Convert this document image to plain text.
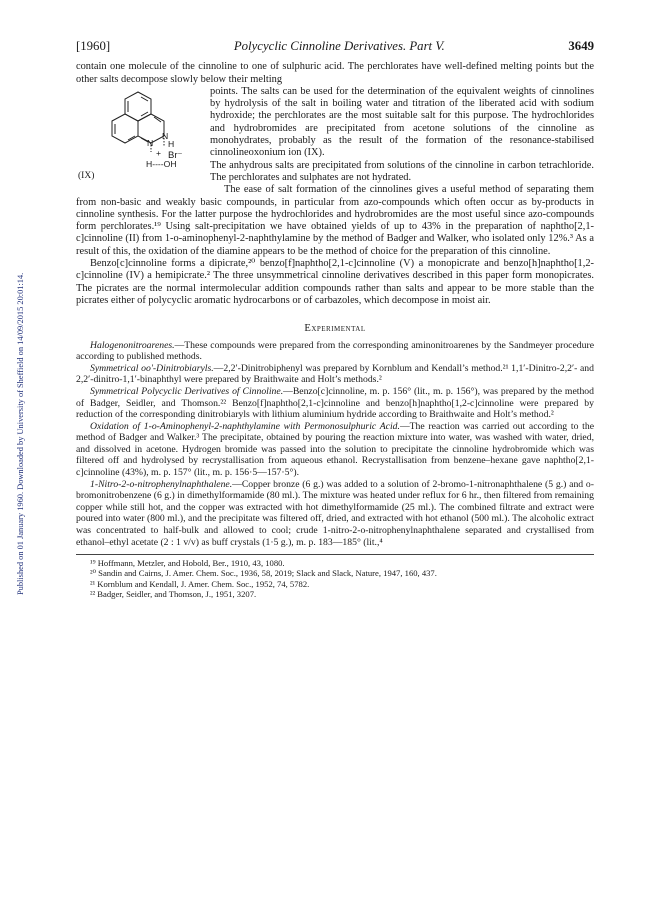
Published on 01 January 1960. Downloaded by University of Sheffield on 14/09/2015 20:01:14.
[1960]	Polycyclic Cinnoline Derivatives. Part V.	3649

contain one molecule of the cinnoline to one of sulphuric acid. The perchlorates have well-defined melting points but the other salts decompose slowly below their melting

N
N
H
+
H‑‑‑‑OH
Br⁻
(IX)

points. The salts can be used for the determination of the equivalent weights of cinnolines by hydrolysis of the salt in boiling water and titration of the liberated acid with sodium hydroxide; the perchlorates are the most suitable salt for this purpose. The hydrochlorides and hydrobromides are precipitated from acetone solutions of the cinnoline as monohydrates, probably as the result of the formation of the resonance-stabilised cinnolineoxonium ion (IX).

The anhydrous salts are precipitated from solutions of the cinnoline in carbon tetrachloride. The perchlorates and sulphates are not hydrated.

The ease of salt formation of the cinnolines gives a useful method of separating them from non-basic and weakly basic compounds, in particular from azo-compounds which often occur as by-products in cinnoline synthesis. For the latter purpose the hydrochlorides and hydrobromides are the most useful since azo-compounds form perchlorates.¹⁹ Using salt-precipitation we have obtained yields of up to 43% in the preparation of naphtho[2,1-c]cinnoline (II) from 1-o-aminophenyl-2-naphthylamine by the method of Badger and Walker, who isolated only 12%.³ As a result of this, the oxidation of the diamine appears to be the method of choice for the preparation of this cinnoline.

Benzo[c]cinnoline forms a dipicrate,²⁰ benzo[f]naphtho[2,1-c]cinnoline (V) a monopicrate and benzo[h]naphtho[1,2-c]cinnoline (IV) a hemipicrate.² The three unsymmetrical cinnoline derivatives described in this paper form monopicrates. The picrates are the normal intermolecular addition compounds rather than salts and appear to be more stable than the picrates either of polycyclic aromatic hydrocarbons or of carbazoles, which decompose in moist air.

Experimental

Halogenonitroarenes.—These compounds were prepared from the corresponding aminonitroarenes by the Sandmeyer procedure according to published methods.

Symmetrical oo′-Dinitrobiaryls.—2,2′-Dinitrobiphenyl was prepared by Kornblum and Kendall’s method.²¹ 1,1′-Dinitro-2,2′- and 2,2′-dinitro-1,1′-binaphthyl were prepared by Braithwaite and Holt’s methods.²

Symmetrical Polycyclic Derivatives of Cinnoline.—Benzo[c]cinnoline, m. p. 156° (lit., m. p. 156°), was prepared by the method of Badger, Seidler, and Thomson.²² Benzo[f]naphtho[2,1-c]cinnoline and benzo[h]naphtho[1,2-c]cinnoline were prepared by reduction of the corresponding dinitrobiaryls with lithium aluminium hydride according to Braithwaite and Holt’s method.²

Oxidation of 1-o-Aminophenyl-2-naphthylamine with Permonosulphuric Acid.—The reaction was carried out according to the method of Badger and Walker.³ The precipitate, obtained by pouring the reaction mixture into water, was washed with water, dried, and dissolved in acetone. Hydrogen bromide was passed into the solution to precipitate the cinnoline hydrobromide which was filtered off and hydrolysed by recrystallisation from aqueous ethanol. Recrystallisation from benzene–hexane gave naphtho[2,1-c]cinnoline (43%), m. p. 157° (lit., m. p. 156·5—157·5°).

1-Nitro-2-o-nitrophenylnaphthalene.—Copper bronze (6 g.) was added to a solution of 2-bromo-1-nitronaphthalene (5 g.) and o-bromonitrobenzene (6 g.) in dimethylformamide (80 ml.). The mixture was heated under reflux for 6 hr., then filtered from remaining copper while still hot, and the copper was extracted with hot dimethylformamide (25 ml.). The combined filtrate and extract were poured into water (800 ml.), and the precipitate was filtered off, dried, and extracted with hot ethanol (500 ml.). The alcoholic extract was concentrated to half-bulk and allowed to cool; crude 1-nitro-2-o-nitrophenylnaphthalene separated and crystallised from ethanol–ethyl acetate (2 : 1 v/v) as buff crystals (1·5 g.), m. p. 183—185° (lit.,⁴

¹⁹ Hoffmann, Metzler, and Hobold, Ber., 1910, 43, 1080.
²⁰ Sandin and Cairns, J. Amer. Chem. Soc., 1936, 58, 2019; Slack and Slack, Nature, 1947, 160, 437.
²¹ Kornblum and Kendall, J. Amer. Chem. Soc., 1952, 74, 5782.
²² Badger, Seidler, and Thomson, J., 1951, 3207.
